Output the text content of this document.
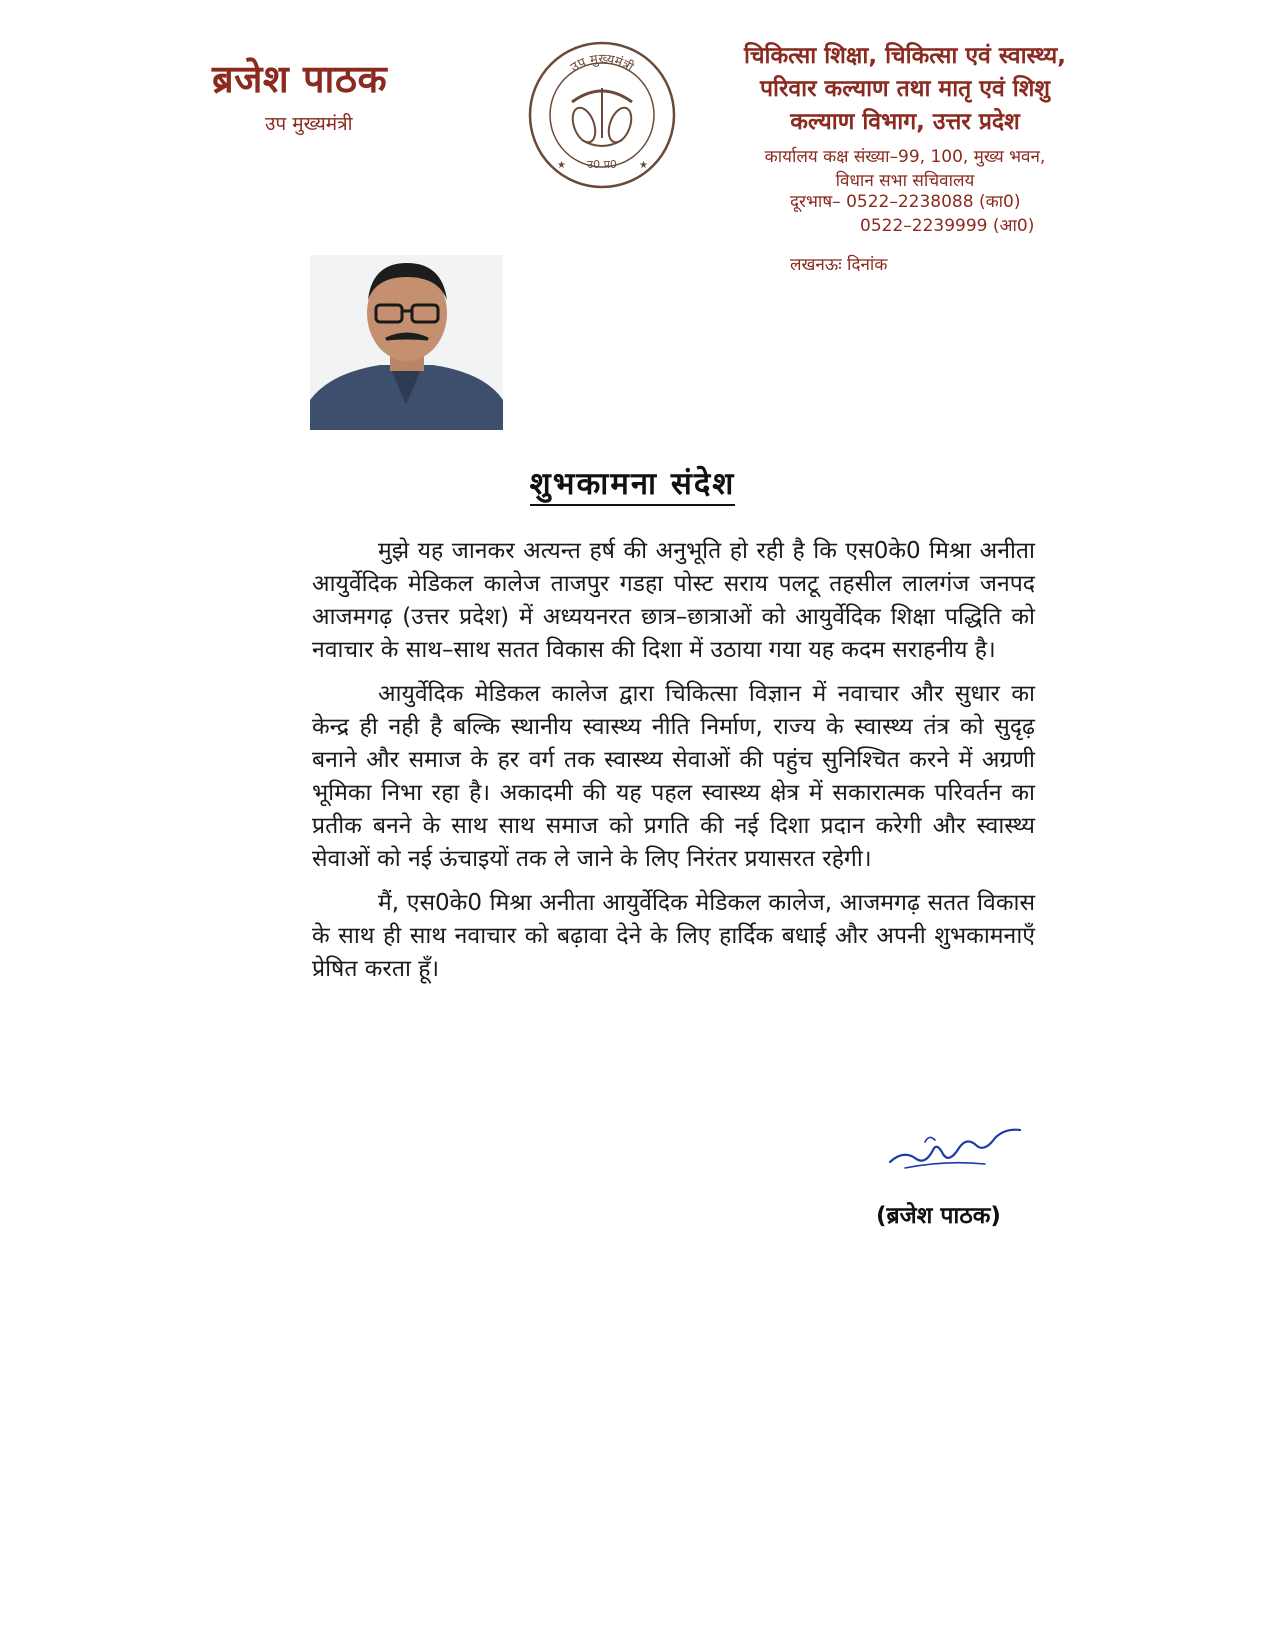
ब्रजेश पाठक
उप मुख्यमंत्री
उप मुख्यमंत्री
उ0 प्र0
★	★
चिकित्सा शिक्षा, चिकित्सा एवं स्वास्थ्य,
परिवार कल्याण तथा मातृ एवं शिशु
कल्याण विभाग, उत्तर प्रदेश
कार्यालय कक्ष संख्या–99, 100, मुख्य भवन,
विधान सभा सचिवालय
दूरभाष– 0522–2238088 (का0)
0522–2239999 (आ0)
लखनऊः दिनांक
शुभकामना संदेश

मुझे यह जानकर अत्यन्त हर्ष की अनुभूति हो रही है कि एस0के0 मिश्रा अनीता आयुर्वेदिक मेडिकल कालेज ताजपुर गडहा पोस्ट सराय पलटू तहसील लालगंज जनपद आजमगढ़ (उत्तर प्रदेश) में अध्ययनरत छात्र–छात्राओं को आयुर्वेदिक शिक्षा पद्धिति को नवाचार के साथ–साथ सतत विकास की दिशा में उठाया गया यह कदम सराहनीय है।

आयुर्वेदिक मेडिकल कालेज द्वारा चिकित्सा विज्ञान में नवाचार और सुधार का केन्द्र ही नही है बल्कि स्थानीय स्वास्थ्य नीति निर्माण, राज्य के स्वास्थ्य तंत्र को सुदृढ़ बनाने और समाज के हर वर्ग तक स्वास्थ्य सेवाओं की पहुंच सुनिश्चित करने में अग्रणी भूमिका निभा रहा है। अकादमी की यह पहल स्वास्थ्य क्षेत्र में सकारात्मक परिवर्तन का प्रतीक बनने के साथ साथ समाज को प्रगति की नई दिशा प्रदान करेगी और स्वास्थ्य सेवाओं को नई ऊंचाइयों तक ले जाने के लिए निरंतर प्रयासरत रहेगी।

मैं, एस0के0 मिश्रा अनीता आयुर्वेदिक मेडिकल कालेज, आजमगढ़ सतत विकास के साथ ही साथ नवाचार को बढ़ावा देने के लिए हार्दिक बधाई और अपनी शुभकामनाएँ प्रेषित करता हूँ।

(ब्रजेश पाठक)
